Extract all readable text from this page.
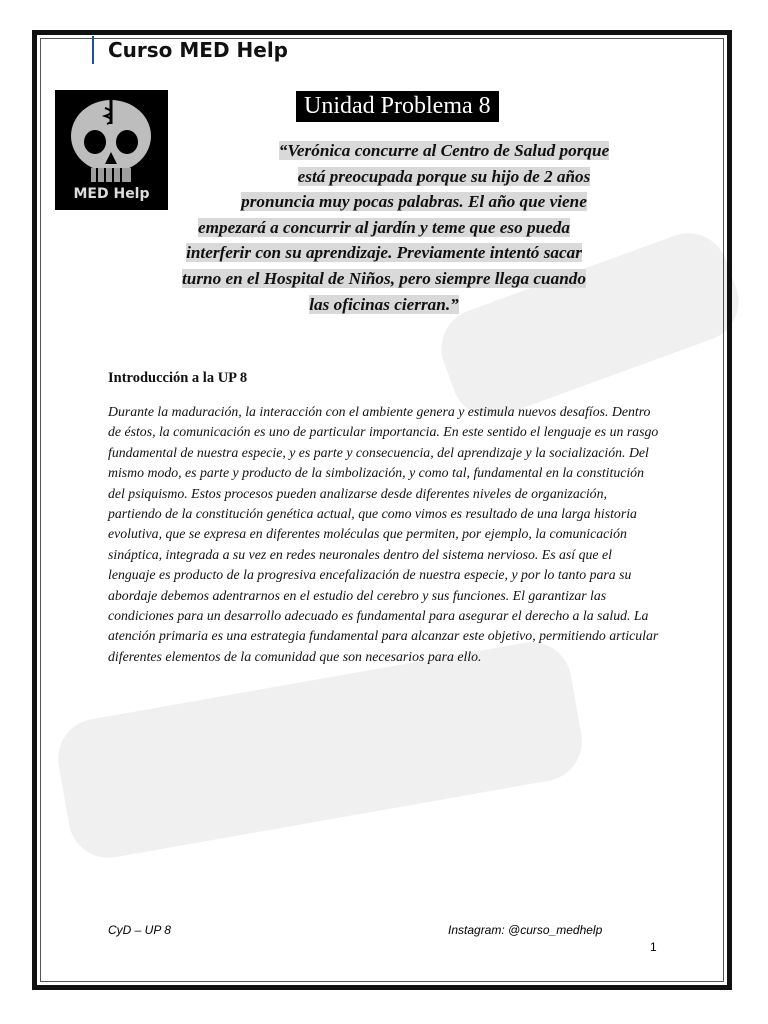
Curso MED Help
MED Help
Unidad Problema 8
“Verónica concurre al Centro de Salud porque
está preocupada porque su hijo de 2 años
pronuncia muy pocas palabras. El año que viene
empezará a concurrir al jardín y teme que eso pueda
interferir con su aprendizaje. Previamente intentó sacar
turno en el Hospital de Niños, pero siempre llega cuando
las oficinas cierran.”
Introducción a la UP 8
Durante la maduración, la interacción con el ambiente genera y estimula nuevos desafíos. Dentro de éstos, la comunicación es uno de particular importancia. En este sentido el lenguaje es un rasgo fundamental de nuestra especie, y es parte y consecuencia, del aprendizaje y la socialización. Del mismo modo, es parte y producto de la simbolización, y como tal, fundamental en la constitución del psiquismo. Estos procesos pueden analizarse desde diferentes niveles de organización, partiendo de la constitución genética actual, que como vimos es resultado de una larga historia evolutiva, que se expresa en diferentes moléculas que permiten, por ejemplo, la comunicación sináptica, integrada a su vez en redes neuronales dentro del sistema nervioso. Es así que el lenguaje es producto de la progresiva encefalización de nuestra especie, y por lo tanto para su abordaje debemos adentrarnos en el estudio del cerebro y sus funciones. El garantizar las condiciones para un desarrollo adecuado es fundamental para asegurar el derecho a la salud. La atención primaria es una estrategia fundamental para alcanzar este objetivo, permitiendo articular diferentes elementos de la comunidad que son necesarios para ello.
CyD – UP 8	Instagram: @curso_medhelp
1
